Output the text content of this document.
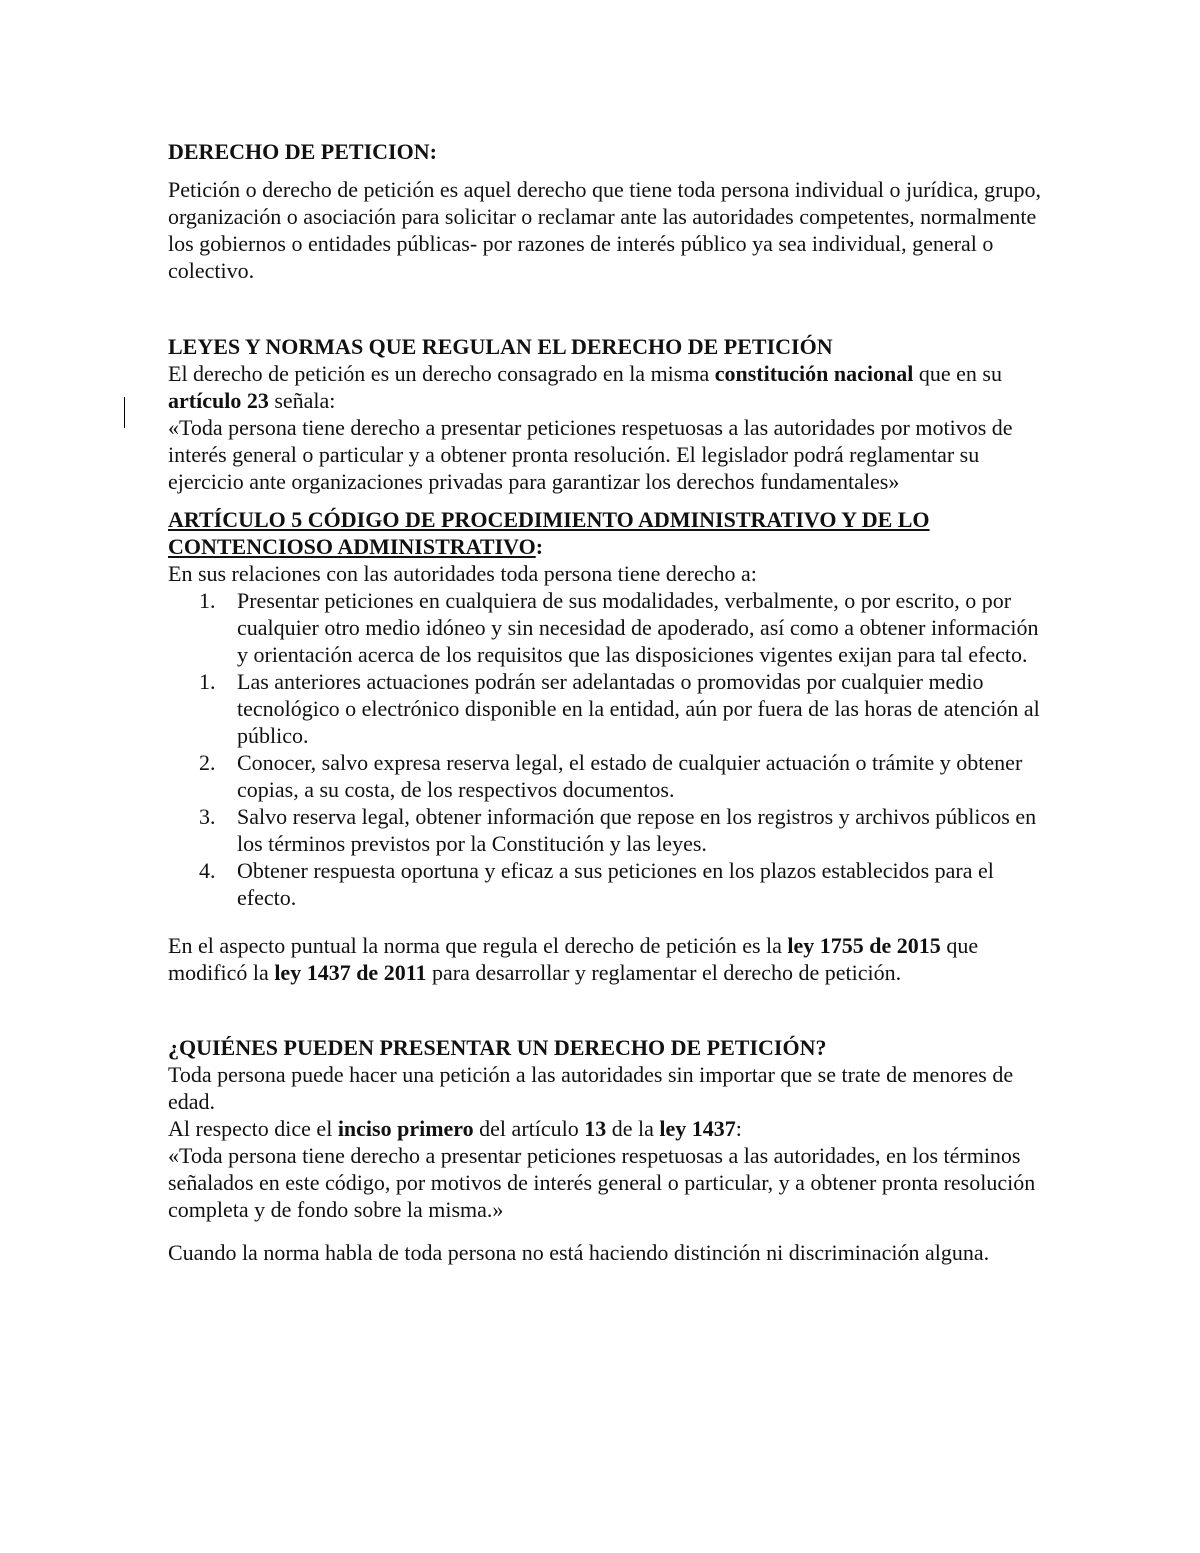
DERECHO DE PETICION:

Petición o derecho de petición es aquel derecho que tiene toda persona individual o jurídica, grupo, organización o asociación para solicitar o reclamar ante las autoridades competentes, normalmente los gobiernos o entidades públicas- por razones de interés público ya sea individual, general o colectivo.

LEYES Y NORMAS QUE REGULAN EL DERECHO DE PETICIÓN

El derecho de petición es un derecho consagrado en la misma constitución nacional que en su artículo 23 señala:

«Toda persona tiene derecho a presentar peticiones respetuosas a las autoridades por motivos de interés general o particular y a obtener pronta resolución. El legislador podrá reglamentar su ejercicio ante organizaciones privadas para garantizar los derechos fundamentales»

ARTÍCULO 5 CÓDIGO DE PROCEDIMIENTO ADMINISTRATIVO Y DE LO CONTENCIOSO ADMINISTRATIVO:

En sus relaciones con las autoridades toda persona tiene derecho a:

1. Presentar peticiones en cualquiera de sus modalidades, verbalmente, o por escrito, o por cualquier otro medio idóneo y sin necesidad de apoderado, así como a obtener información y orientación acerca de los requisitos que las disposiciones vigentes exijan para tal efecto.
1. Las anteriores actuaciones podrán ser adelantadas o promovidas por cualquier medio tecnológico o electrónico disponible en la entidad, aún por fuera de las horas de atención al público.
2. Conocer, salvo expresa reserva legal, el estado de cualquier actuación o trámite y obtener copias, a su costa, de los respectivos documentos.
3. Salvo reserva legal, obtener información que repose en los registros y archivos públicos en los términos previstos por la Constitución y las leyes.
4. Obtener respuesta oportuna y eficaz a sus peticiones en los plazos establecidos para el efecto.

En el aspecto puntual la norma que regula el derecho de petición es la ley 1755 de 2015 que modificó la ley 1437 de 2011 para desarrollar y reglamentar el derecho de petición.

¿QUIÉNES PUEDEN PRESENTAR UN DERECHO DE PETICIÓN?

Toda persona puede hacer una petición a las autoridades sin importar que se trate de menores de edad.

Al respecto dice el inciso primero del artículo 13 de la ley 1437:

«Toda persona tiene derecho a presentar peticiones respetuosas a las autoridades, en los términos señalados en este código, por motivos de interés general o particular, y a obtener pronta resolución completa y de fondo sobre la misma.»

Cuando la norma habla de toda persona no está haciendo distinción ni discriminación alguna.
